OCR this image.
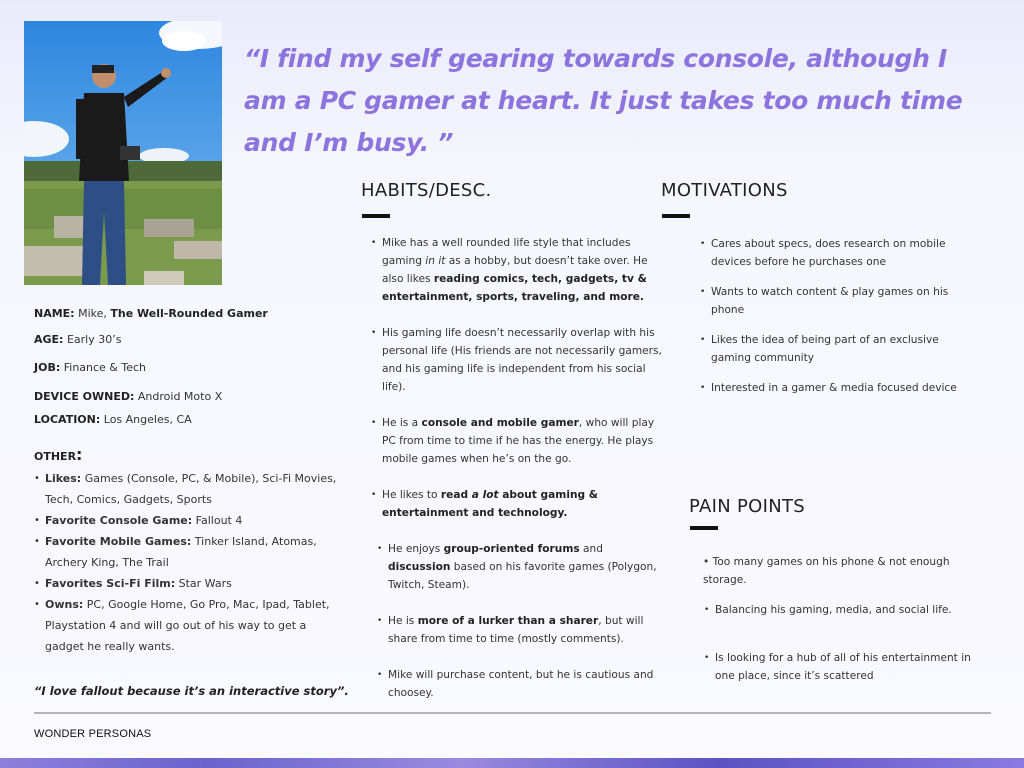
“I find my self gearing towards console, although I am a PC gamer at heart. It just takes too much time and I’m busy. ”
NAME: Mike, The Well-Rounded Gamer
AGE: Early 30’s
JOB: Finance & Tech
DEVICE OWNED: Android Moto X
LOCATION: Los Angeles, CA
OTHER:
• Likes: Games (Console, PC, & Mobile), Sci-Fi Movies, Tech, Comics, Gadgets, Sports
• Favorite Console Game: Fallout 4
• Favorite Mobile Games: Tinker Island, Atomas, Archery King, The Trail
• Favorites Sci-Fi Film: Star Wars
• Owns: PC, Google Home, Go Pro, Mac, Ipad, Tablet, Playstation 4 and will go out of his way to get a gadget he really wants.
“I love fallout because it’s an interactive story”.
HABITS/DESC.
• Mike has a well rounded life style that includes gaming in it as a hobby, but doesn’t take over. He also likes reading comics, tech, gadgets, tv & entertainment, sports, traveling, and more.
• His gaming life doesn’t necessarily overlap with his personal life (His friends are not necessarily gamers, and his gaming life is independent from his social life).
• He is a console and mobile gamer, who will play PC from time to time if he has the energy. He plays mobile games when he’s on the go.
• He likes to read a lot about gaming & entertainment and technology.
• He enjoys group-oriented forums and discussion based on his favorite games (Polygon, Twitch, Steam).
• He is more of a lurker than a sharer, but will share from time to time (mostly comments).
• Mike will purchase content, but he is cautious and choosey.
MOTIVATIONS
• Cares about specs, does research on mobile devices before he purchases one
• Wants to watch content & play games on his phone
• Likes the idea of being part of an exclusive gaming community
• Interested in a gamer & media focused device
PAIN POINTS
• Too many games on his phone & not enough storage.
• Balancing his gaming, media, and social life.
• Is looking for a hub of all of his entertainment in one place, since it’s scattered
WONDER PERSONAS
